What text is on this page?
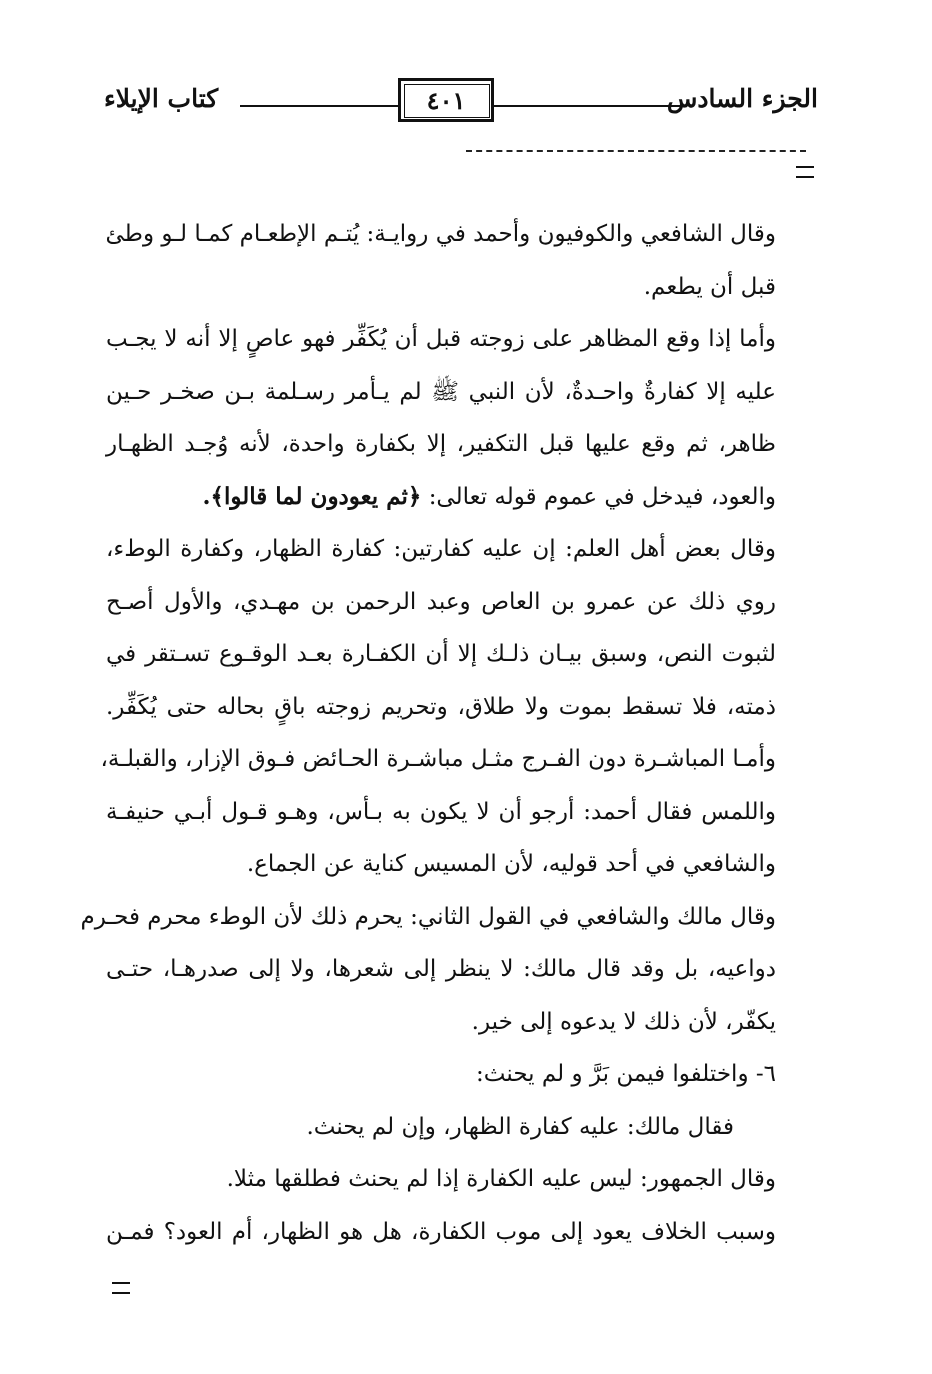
الجزء السادس
٤٠١
كتاب الإيلاء
وقال الشافعي والكوفيون وأحمد في روايـة: يُتـم الإطعـام كمـا لـو وطئ
قبل أن يطعم.
وأما إذا وقع المظاهر على زوجته قبل أن يُكَفِّر فهو عاصٍ إلا أنه لا يجـب
عليه إلا كفارةٌ واحـدةٌ، لأن النبي ﷺ لم يـأمر رسـلمة بـن صخـر حـين
ظاهر، ثم وقع عليها قبل التكفير، إلا بكفارة واحدة، لأنه وُجـد الظهـار
والعود، فيدخل في عموم قوله تعالى: ﴿ثم يعودون لما قالوا﴾.
وقال بعض أهل العلم: إن عليه كفارتين: كفارة الظهار، وكفارة الوطء،
روي ذلك عن عمرو بن العاص وعبد الرحمن بن مهـدي، والأول أصـح
لثبوت النص، وسبق بيـان ذلـك إلا أن الكفـارة بعـد الوقـوع تسـتقر في
ذمته، فلا تسقط بموت ولا طلاق، وتحريم زوجته باقٍ بحاله حتى يُكَفِّر.
وأمـا المباشـرة دون الفـرج مثـل مباشـرة الحـائض فـوق الإزار، والقبلـة،
واللمس فقال أحمد: أرجو أن لا يكون به بـأس، وهـو قـول أبـي حنيفـة
والشافعي في أحد قوليه، لأن المسيس كناية عن الجماع.
وقال مالك والشافعي في القول الثاني: يحرم ذلك لأن الوطء محرم فحـرم
دواعيه، بل وقد قال مالك: لا ينظر إلى شعرها، ولا إلى صدرهـا، حتـى
يكفّر، لأن ذلك لا يدعوه إلى خير.
٦- واختلفوا فيمن بَرَّ و لم يحنث:
فقال مالك: عليه كفارة الظهار، وإن لم يحنث.
وقال الجمهور: ليس عليه الكفارة إذا لم يحنث فطلقها مثلا.
وسبب الخلاف يعود إلى موب الكفارة، هل هو الظهار، أم العود؟ فمـن
